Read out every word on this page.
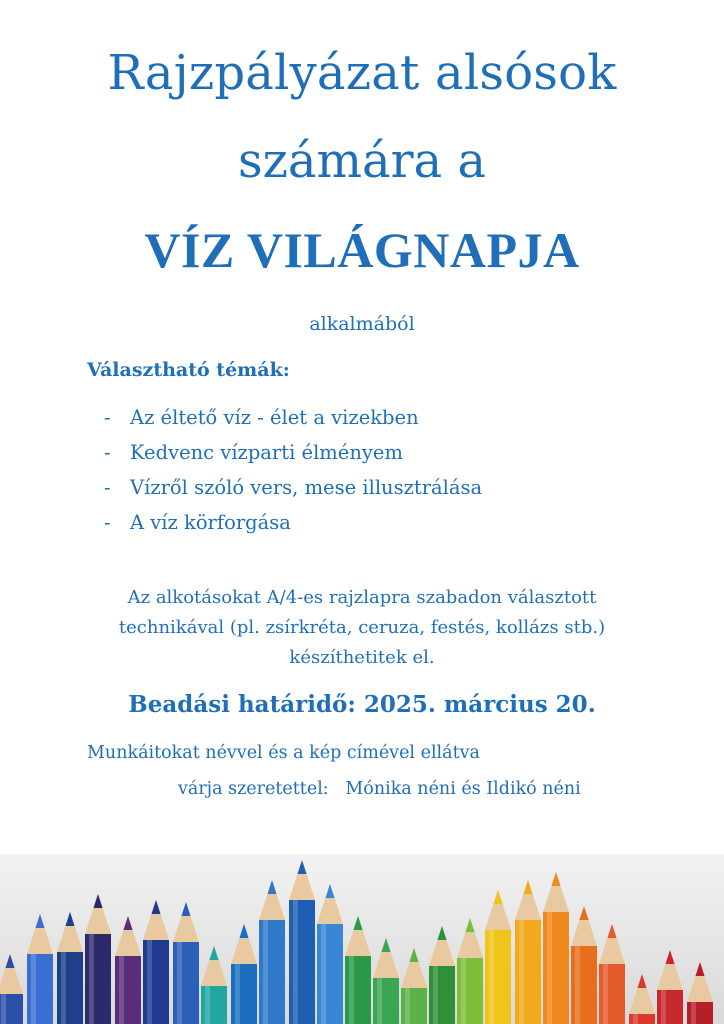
Rajzpályázat alsósok
számára a
VÍZ VILÁGNAPJA
alkalmából
Választható témák:
- Az éltető víz - élet a vizekben
- Kedvenc vízparti élményem
- Vízről szóló vers, mese illusztrálása
- A víz körforgása
Az alkotásokat A/4-es rajzlapra szabadon választott
technikával (pl. zsírkréta, ceruza, festés, kollázs stb.)
készíthetitek el.
Beadási határidő: 2025. március 20.
Munkáitokat névvel és a kép címével ellátva
várja szeretettel:   Mónika néni és Ildikó néni
